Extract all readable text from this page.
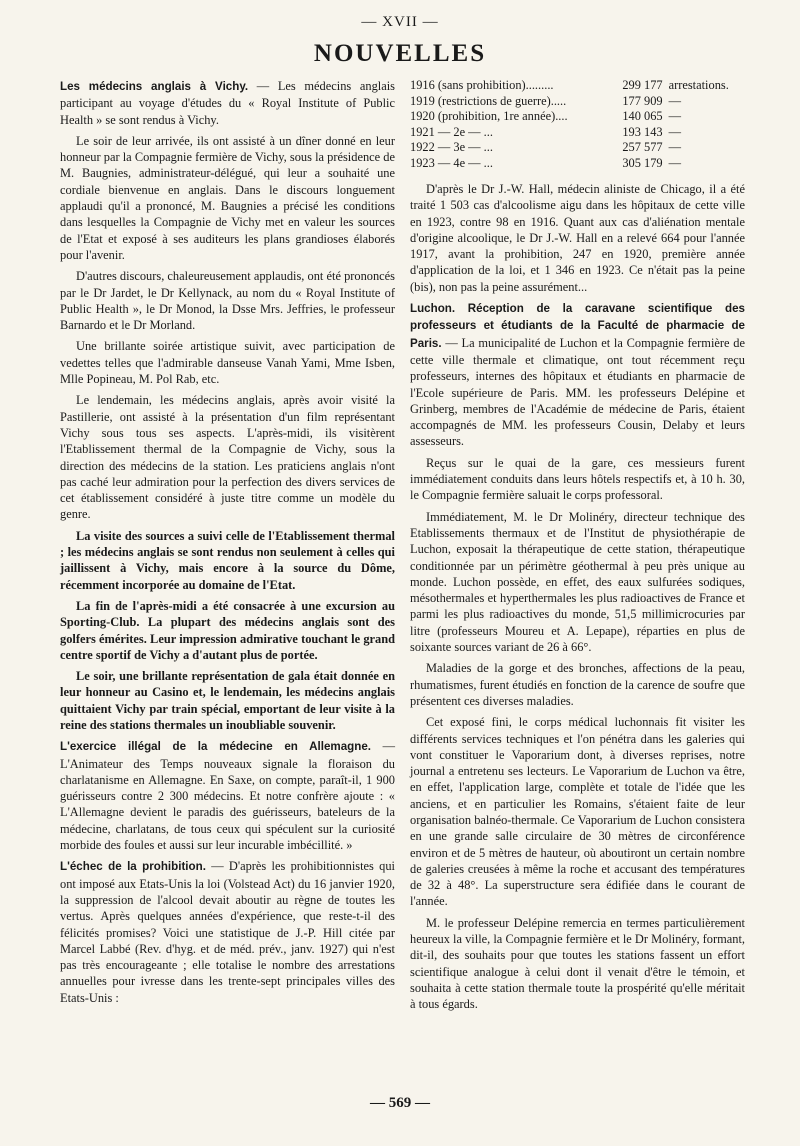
— XVII —
NOUVELLES

Les médecins anglais à Vichy. — Les médecins anglais participant au voyage d'études du « Royal Institute of Public Health » se sont rendus à Vichy.

Le soir de leur arrivée, ils ont assisté à un dîner donné en leur honneur par la Compagnie fermière de Vichy, sous la présidence de M. Baugnies, administrateur-délégué, qui leur a souhaité une cordiale bienvenue en anglais. Dans le discours longuement applaudi qu'il a prononcé, M. Baugnies a précisé les conditions dans lesquelles la Compagnie de Vichy met en valeur les sources de l'Etat et exposé à ses auditeurs les plans grandioses élaborés pour l'avenir.

D'autres discours, chaleureusement applaudis, ont été prononcés par le Dr Jardet, le Dr Kellynack, au nom du « Royal Institute of Public Health », le Dr Monod, la Dsse Mrs. Jeffries, le professeur Barnardo et le Dr Morland.

Une brillante soirée artistique suivit, avec participation de vedettes telles que l'admirable danseuse Vanah Yami, Mme Isben, Mlle Popineau, M. Pol Rab, etc.

Le lendemain, les médecins anglais, après avoir visité la Pastillerie, ont assisté à la présentation d'un film représentant Vichy sous tous ses aspects. L'après-midi, ils visitèrent l'Etablissement thermal de la Compagnie de Vichy, sous la direction des médecins de la station. Les praticiens anglais n'ont pas caché leur admiration pour la perfection des divers services de cet établissement considéré à juste titre comme un modèle du genre.

La visite des sources a suivi celle de l'Etablissement thermal ; les médecins anglais se sont rendus non seulement à celles qui jaillissent à Vichy, mais encore à la source du Dôme, récemment incorporée au domaine de l'Etat.

La fin de l'après-midi a été consacrée à une excursion au Sporting-Club. La plupart des médecins anglais sont des golfers émérites. Leur impression admirative touchant le grand centre sportif de Vichy a d'autant plus de portée.

Le soir, une brillante représentation de gala était donnée en leur honneur au Casino et, le lendemain, les médecins anglais quittaient Vichy par train spécial, emportant de leur visite à la reine des stations thermales un inoubliable souvenir.

L'exercice illégal de la médecine en Allemagne. — L'Animateur des Temps nouveaux signale la floraison du charlatanisme en Allemagne. En Saxe, on compte, paraît-il, 1 900 guérisseurs contre 2 300 médecins. Et notre confrère ajoute : « L'Allemagne devient le paradis des guérisseurs, bateleurs de la médecine, charlatans, de tous ceux qui spéculent sur la curiosité morbide des foules et aussi sur leur incurable imbécillité. »

L'échec de la prohibition. — D'après les prohibitionnistes qui ont imposé aux Etats-Unis la loi (Volstead Act) du 16 janvier 1920, la suppression de l'alcool devait aboutir au règne de toutes les vertus. Après quelques années d'expérience, que reste-t-il des félicités promises? Voici une statistique de J.-P. Hill citée par Marcel Labbé (Rev. d'hyg. et de méd. prév., janv. 1927) qui n'est pas très encourageante ; elle totalise le nombre des arrestations annuelles pour ivresse dans les trente-sept principales villes des Etats-Unis :

1916 (sans prohibition).........	299 177	arrestations.
1919 (restrictions de guerre).....	177 909	—
1920 (prohibition, 1re année)....	140 065	—
1921 — 2e — ...	193 143	—
1922 — 3e — ...	257 577	—
1923 — 4e — ...	305 179	—

D'après le Dr J.-W. Hall, médecin aliniste de Chicago, il a été traité 1 503 cas d'alcoolisme aigu dans les hôpitaux de cette ville en 1923, contre 98 en 1916. Quant aux cas d'aliénation mentale d'origine alcoolique, le Dr J.-W. Hall en a relevé 664 pour l'année 1917, avant la prohibition, 247 en 1920, première année d'application de la loi, et 1 346 en 1923. Ce n'était pas la peine (bis), non pas la peine assurément...

Luchon. Réception de la caravane scientifique des professeurs et étudiants de la Faculté de pharmacie de Paris. — La municipalité de Luchon et la Compagnie fermière de cette ville thermale et climatique, ont tout récemment reçu professeurs, internes des hôpitaux et étudiants en pharmacie de l'Ecole supérieure de Paris. MM. les professeurs Delépine et Grinberg, membres de l'Académie de médecine de Paris, étaient accompagnés de MM. les professeurs Cousin, Delaby et leurs assesseurs.

Reçus sur le quai de la gare, ces messieurs furent immédiatement conduits dans leurs hôtels respectifs et, à 10 h. 30, le Compagnie fermière saluait le corps professoral.

Immédiatement, M. le Dr Molinéry, directeur technique des Etablissements thermaux et de l'Institut de physiothérapie de Luchon, exposait la thérapeutique de cette station, thérapeutique conditionnée par un périmètre géothermal à peu près unique au monde. Luchon possède, en effet, des eaux sulfurées sodiques, mésothermales et hyperthermales les plus radioactives de France et parmi les plus radioactives du monde, 51,5 millimicrocuries par litre (professeurs Moureu et A. Lepape), réparties en plus de soixante sources variant de 26 à 66°.

Maladies de la gorge et des bronches, affections de la peau, rhumatismes, furent étudiés en fonction de la carence de soufre que présentent ces diverses maladies.

Cet exposé fini, le corps médical luchonnais fit visiter les différents services techniques et l'on pénétra dans les galeries qui vont constituer le Vaporarium dont, à diverses reprises, notre journal a entretenu ses lecteurs. Le Vaporarium de Luchon va être, en effet, l'application large, complète et totale de l'idée que les anciens, et en particulier les Romains, s'étaient faite de leur organisation balnéo-thermale. Ce Vaporarium de Luchon consistera en une grande salle circulaire de 30 mètres de circonférence environ et de 5 mètres de hauteur, où aboutiront un certain nombre de galeries creusées à même la roche et accusant des températures de 32 à 48°. La superstructure sera édifiée dans le courant de l'année.

M. le professeur Delépine remercia en termes particulièrement heureux la ville, la Compagnie fermière et le Dr Molinéry, formant, dit-il, des souhaits pour que toutes les stations fassent un effort scientifique analogue à celui dont il venait d'être le témoin, et souhaita à cette station thermale toute la prospérité qu'elle méritait à tous égards.

— 569 —
